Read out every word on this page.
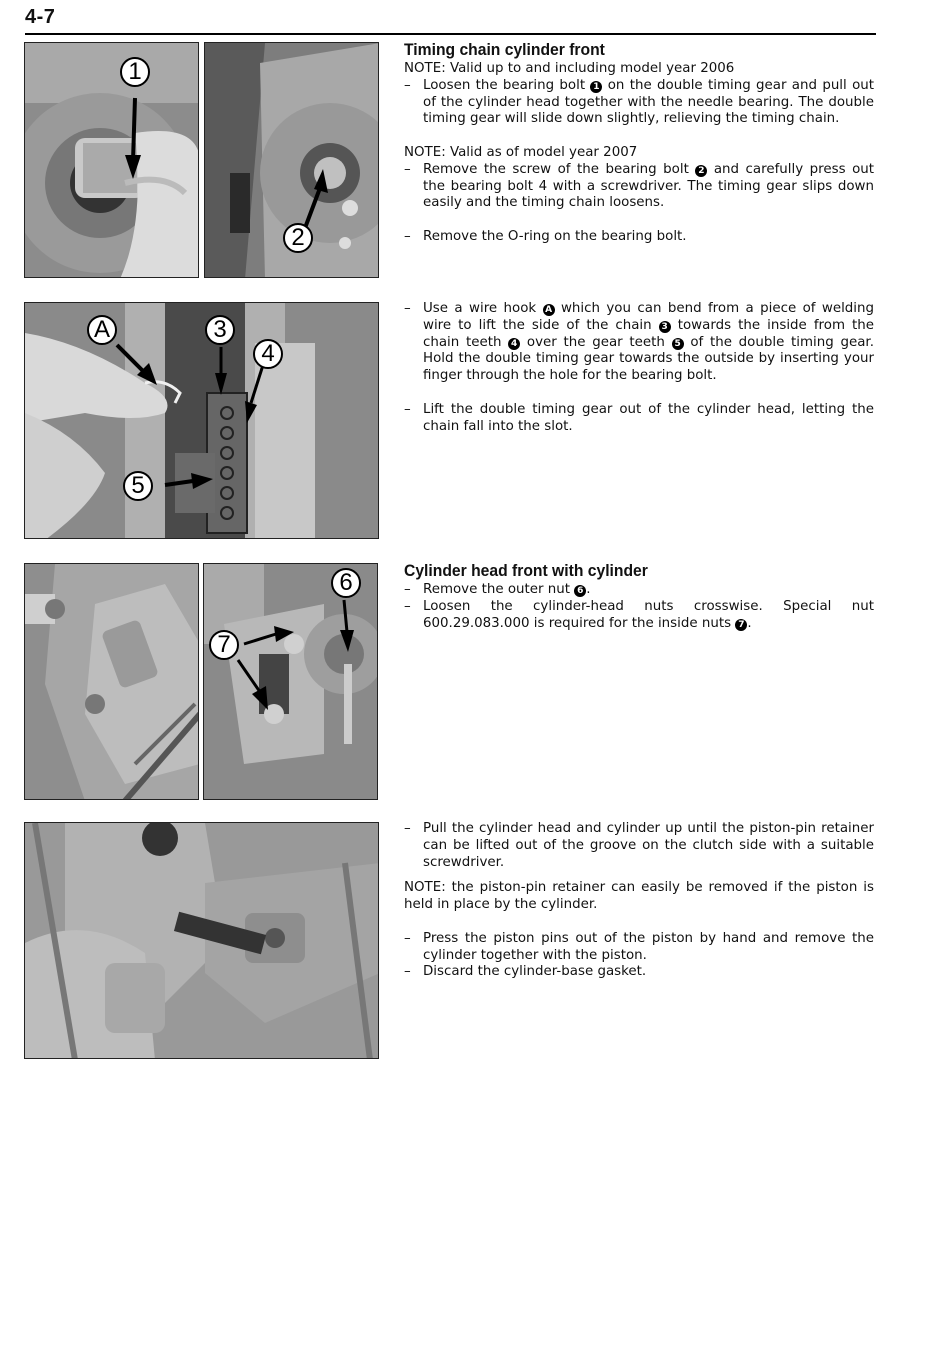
4-7
1
2
Timing chain cylinder front

NOTE: Valid up to and including model year 2006

– Loosen the bearing bolt 1 on the double timing gear and pull out of the cylinder head together with the needle bearing. The double timing gear will slide down slightly, relieving the timing chain.

NOTE: Valid as of model year 2007

– Remove the screw of the bearing bolt 2 and carefully press out the bearing bolt 4 with a screwdriver. The timing gear slips down easily and the timing chain loosens.

– Remove the O-ring on the bearing bolt.

A	3
4
5

– Use a wire hook A which you can bend from a piece of welding wire to lift the side of the chain 3 towards the inside from the chain teeth 4 over the gear teeth 5 of the double timing gear. Hold the double timing gear towards the outside by inserting your finger through the hole for the bearing bolt.

– Lift the double timing gear out of the cylinder head, letting the chain fall into the slot.

6
7
Cylinder head front with cylinder

– Remove the outer nut 6 .

– Loosen the cylinder-head nuts crosswise. Special nut 600.29.083.000 is required for the inside nuts 7 .

– Pull the cylinder head and cylinder up until the piston-pin retainer can be lifted out of the groove on the clutch side with a suitable screwdriver.

NOTE: the piston-pin retainer can easily be removed if the piston is held in place by the cylinder.

– Press the piston pins out of the piston by hand and remove the cylinder together with the piston.

– Discard the cylinder-base gasket.
